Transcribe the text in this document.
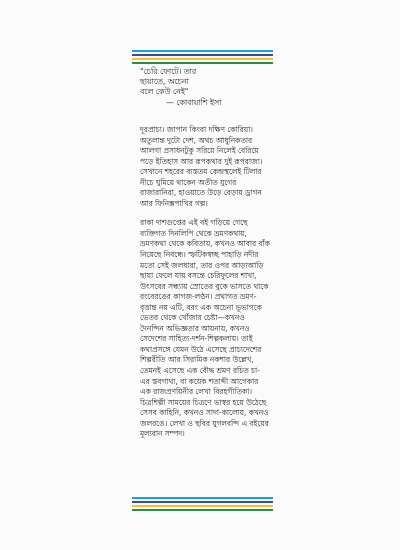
"চেরি ফোটে। তার
ছায়াতে, অচেনা
বলে কেউ নেই"
— কোবায়াশি ইসা

দূরপ্রাচ্য। জাপান কিংবা দক্ষিণ কোরিয়া।
অতুলান্ত দুটো দেশ, অথচ আধুনিকতার
আলগা প্রসাধনটুকু সরিয়ে নিলেই বেরিয়ে
পড়ে ইতিহাস আর রূপকথার দুই রূপরাজ্য।
সেখানে শহরের ব্যস্ততম কেন্দ্রস্থলেই টিলার
নীচে ঘুমিয়ে থাকেন অতীত যুগের
রাজারানিরা, হাওয়াতে উড়ে বেড়ায় ড্রাগন
আর ফিনিক্সপাখির গল্প।

রাকা দাশগুপ্তের এই বই গড়িয়ে গেছে
ব্যক্তিগত দিনলিপি থেকে ভ্রমণকথায়,
ভ্রমণকথা থেকে কবিতায়, কখনও আবার বাঁক
নিয়েছে নিবন্ধে। স্ফটিকস্বচ্ছ পাহাড়ি নদীর
মতো সেই জলধারা, তার ওপর আড়াআড়ি
ছায়া ফেলে যায় বসন্তে চেরিফুলের শাখা,
উৎসবের সন্ধ্যায় স্রোতের বুকে ভাসতে থাকে
রংবেরঙের কাগজ-লণ্ঠন। প্রথাগত ভ্রমণ-
বৃত্তান্ত নয় এটি, বরং এক অচেনা ভূভাগকে
ভেতর থেকে খোঁজার চেষ্টা—কখনও
দৈনন্দিন অভিজ্ঞতার আয়নায়, কখনও
সেদেশের সাহিত্য-দর্শন-শিল্পকলায়। তাই
কথাপ্রসঙ্গে যেমন উঠে এসেছে প্রাচ্যদেশের
শিল্পরীতি আর সিরামিক নকশার উল্লেখ,
তেমনই এসেছে এক বৌদ্ধ শ্রমণ রচিত চা-
এর স্তবগাথা, বা কয়েক শতাব্দী আগেকার
এক রাজপ্রণয়িনীর লেখা বিরহগীতিকা।
চিত্রশিল্পী সাময়ের চিত্রণে ভাস্বর হয়ে উঠেছে
সেসব কাহিনি, কখনও সাদা-কালোয়, কখনও
জলরঙে। লেখা ও ছবির যুগলবন্দি এ বইয়ের
মূল্যবান সম্পদ।
